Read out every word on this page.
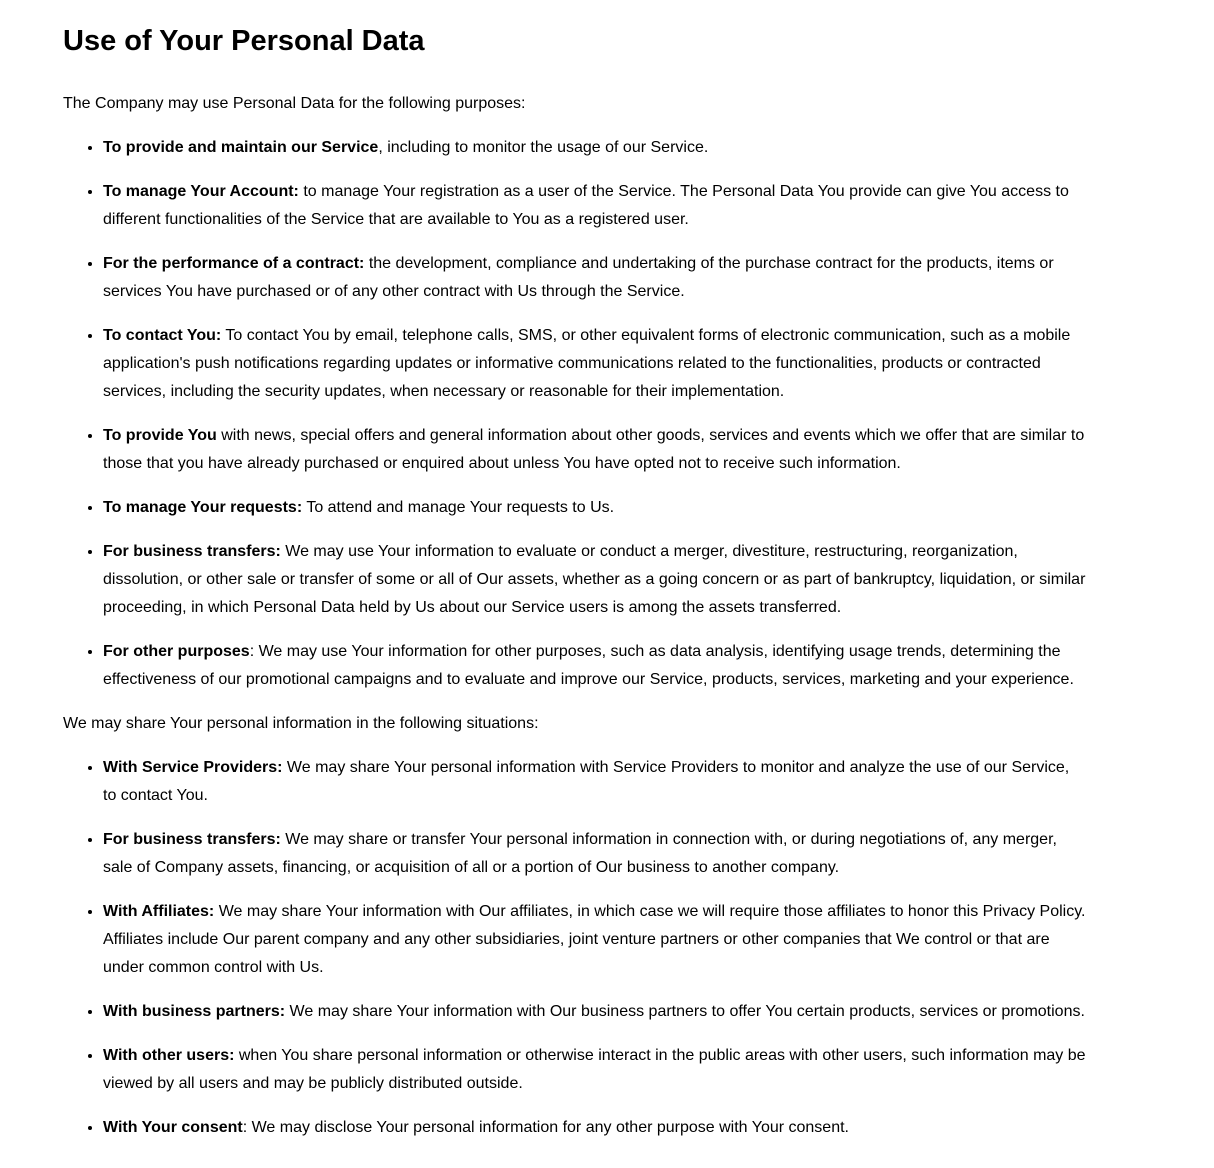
Use of Your Personal Data

The Company may use Personal Data for the following purposes:

• To provide and maintain our Service, including to monitor the usage of our Service.
• To manage Your Account: to manage Your registration as a user of the Service. The Personal Data You provide can give You access to different functionalities of the Service that are available to You as a registered user.
• For the performance of a contract: the development, compliance and undertaking of the purchase contract for the products, items or services You have purchased or of any other contract with Us through the Service.
• To contact You: To contact You by email, telephone calls, SMS, or other equivalent forms of electronic communication, such as a mobile application's push notifications regarding updates or informative communications related to the functionalities, products or contracted services, including the security updates, when necessary or reasonable for their implementation.
• To provide You with news, special offers and general information about other goods, services and events which we offer that are similar to those that you have already purchased or enquired about unless You have opted not to receive such information.
• To manage Your requests: To attend and manage Your requests to Us.
• For business transfers: We may use Your information to evaluate or conduct a merger, divestiture, restructuring, reorganization, dissolution, or other sale or transfer of some or all of Our assets, whether as a going concern or as part of bankruptcy, liquidation, or similar proceeding, in which Personal Data held by Us about our Service users is among the assets transferred.
• For other purposes: We may use Your information for other purposes, such as data analysis, identifying usage trends, determining the effectiveness of our promotional campaigns and to evaluate and improve our Service, products, services, marketing and your experience.

We may share Your personal information in the following situations:

• With Service Providers: We may share Your personal information with Service Providers to monitor and analyze the use of our Service, to contact You.
• For business transfers: We may share or transfer Your personal information in connection with, or during negotiations of, any merger, sale of Company assets, financing, or acquisition of all or a portion of Our business to another company.
• With Affiliates: We may share Your information with Our affiliates, in which case we will require those affiliates to honor this Privacy Policy. Affiliates include Our parent company and any other subsidiaries, joint venture partners or other companies that We control or that are under common control with Us.
• With business partners: We may share Your information with Our business partners to offer You certain products, services or promotions.
• With other users: when You share personal information or otherwise interact in the public areas with other users, such information may be viewed by all users and may be publicly distributed outside.
• With Your consent: We may disclose Your personal information for any other purpose with Your consent.
